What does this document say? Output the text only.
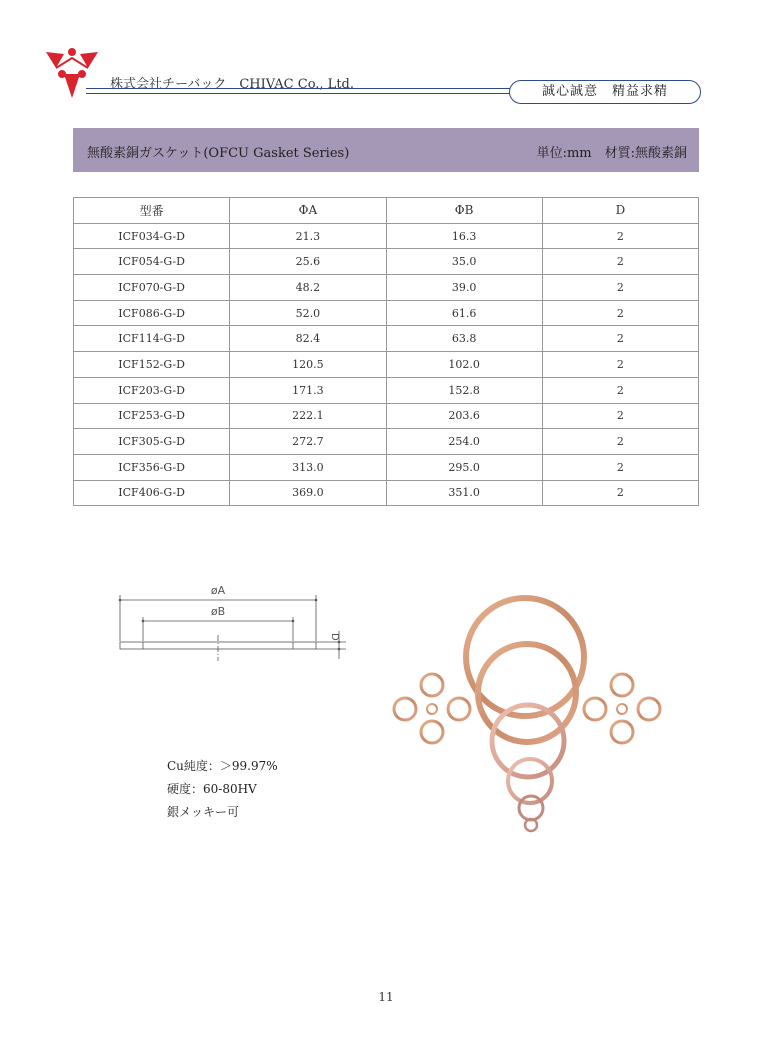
株式会社チーバック　CHIVAC Co., Ltd.	誠心誠意　精益求精
無酸素銅ガスケット(OFCU Gasket Series)	単位:mm　材質:無酸素銅
型番	ΦA	ΦB	D
ICF034-G-D	21.3	16.3	2
ICF054-G-D	25.6	35.0	2
ICF070-G-D	48.2	39.0	2
ICF086-G-D	52.0	61.6	2
ICF114-G-D	82.4	63.8	2
ICF152-G-D	120.5	102.0	2
ICF203-G-D	171.3	152.8	2
ICF253-G-D	222.1	203.6	2
ICF305-G-D	272.7	254.0	2
ICF356-G-D	313.0	295.0	2
ICF406-G-D	369.0	351.0	2
øA
øB
D
Cu純度：＞99.97%
硬度：60-80HV
銀メッキー可
11
